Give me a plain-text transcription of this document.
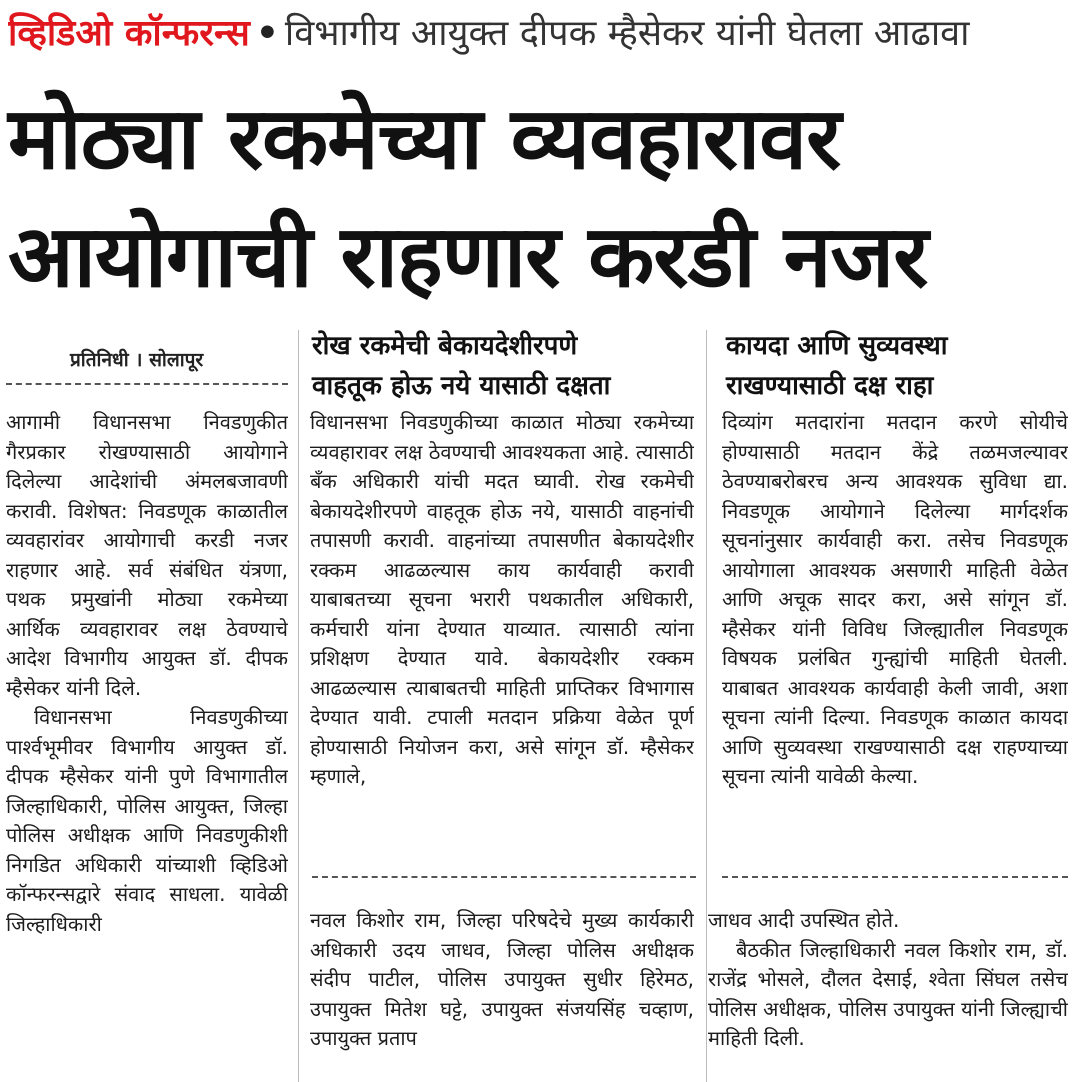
व्हिडिओ कॉन्फरन्स • विभागीय आयुक्त दीपक म्हैसेकर यांनी घेतला आढावा
मोठ्या रकमेच्या व्यवहारावर
आयोगाची राहणार करडी नजर
प्रतिनिधी । सोलापूर

आगामी विधानसभा निवडणुकीत गैरप्रकार रोखण्यासाठी आयोगाने दिलेल्या आदेशांची अंमलबजावणी करावी. विशेषत: निवडणूक काळातील व्यवहारांवर आयोगाची करडी नजर राहणार आहे. सर्व संबंधित यंत्रणा, पथक प्रमुखांनी मोठ्या रकमेच्या आर्थिक व्यवहारावर लक्ष ठेवण्याचे आदेश विभागीय आयुक्त डॉ. दीपक म्हैसेकर यांनी दिले.

विधानसभा निवडणुकीच्या पार्श्वभूमीवर विभागीय आयुक्त डॉ. दीपक म्हैसेकर यांनी पुणे विभागातील जिल्हाधिकारी, पोलिस आयुक्त, जिल्हा पोलिस अधीक्षक आणि निवडणुकीशी निगडित अधिकारी यांच्याशी व्हिडिओ कॉन्फरन्सद्वारे संवाद साधला. यावेळी जिल्हाधिकारी

रोख रकमेची बेकायदेशीरपणे
वाहतूक होऊ नये यासाठी दक्षता

विधानसभा निवडणुकीच्या काळात मोठ्या रकमेच्या व्यवहारावर लक्ष ठेवण्याची आवश्यकता आहे. त्यासाठी बँक अधिकारी यांची मदत घ्यावी. रोख रकमेची बेकायदेशीरपणे वाहतूक होऊ नये, यासाठी वाहनांची तपासणी करावी. वाहनांच्या तपासणीत बेकायदेशीर रक्कम आढळल्यास काय कार्यवाही करावी याबाबतच्या सूचना भरारी पथकातील अधिकारी, कर्मचारी यांना देण्यात याव्यात. त्यासाठी त्यांना प्रशिक्षण देण्यात यावे. बेकायदेशीर रक्कम आढळल्यास त्याबाबतची माहिती प्राप्तिकर विभागास देण्यात यावी. टपाली मतदान प्रक्रिया वेळेत पूर्ण होण्यासाठी नियोजन करा, असे सांगून डॉ. म्हैसेकर म्हणाले,

नवल किशोर राम, जिल्हा परिषदेचे मुख्य कार्यकारी अधिकारी उदय जाधव, जिल्हा पोलिस अधीक्षक संदीप पाटील, पोलिस उपायुक्त सुधीर हिरेमठ, उपायुक्त मितेश घट्टे, उपायुक्त संजयसिंह चव्हाण, उपायुक्त प्रताप

कायदा आणि सुव्यवस्था
राखण्यासाठी दक्ष राहा

दिव्यांग मतदारांना मतदान करणे सोयीचे होण्यासाठी मतदान केंद्रे तळमजल्यावर ठेवण्याबरोबरच अन्य आवश्यक सुविधा द्या. निवडणूक आयोगाने दिलेल्या मार्गदर्शक सूचनांनुसार कार्यवाही करा. तसेच निवडणूक आयोगाला आवश्यक असणारी माहिती वेळेत आणि अचूक सादर करा, असे सांगून डॉ. म्हैसेकर यांनी विविध जिल्ह्यातील निवडणूक विषयक प्रलंबित गुन्ह्यांची माहिती घेतली. याबाबत आवश्यक कार्यवाही केली जावी, अशा सूचना त्यांनी दिल्या. निवडणूक काळात कायदा आणि सुव्यवस्था राखण्यासाठी दक्ष राहण्याच्या सूचना त्यांनी यावेळी केल्या.

जाधव आदी उपस्थित होते.

बैठकीत जिल्हाधिकारी नवल किशोर राम, डॉ. राजेंद्र भोसले, दौलत देसाई, श्वेता सिंघल तसेच पोलिस अधीक्षक, पोलिस उपायुक्त यांनी जिल्ह्याची माहिती दिली.
